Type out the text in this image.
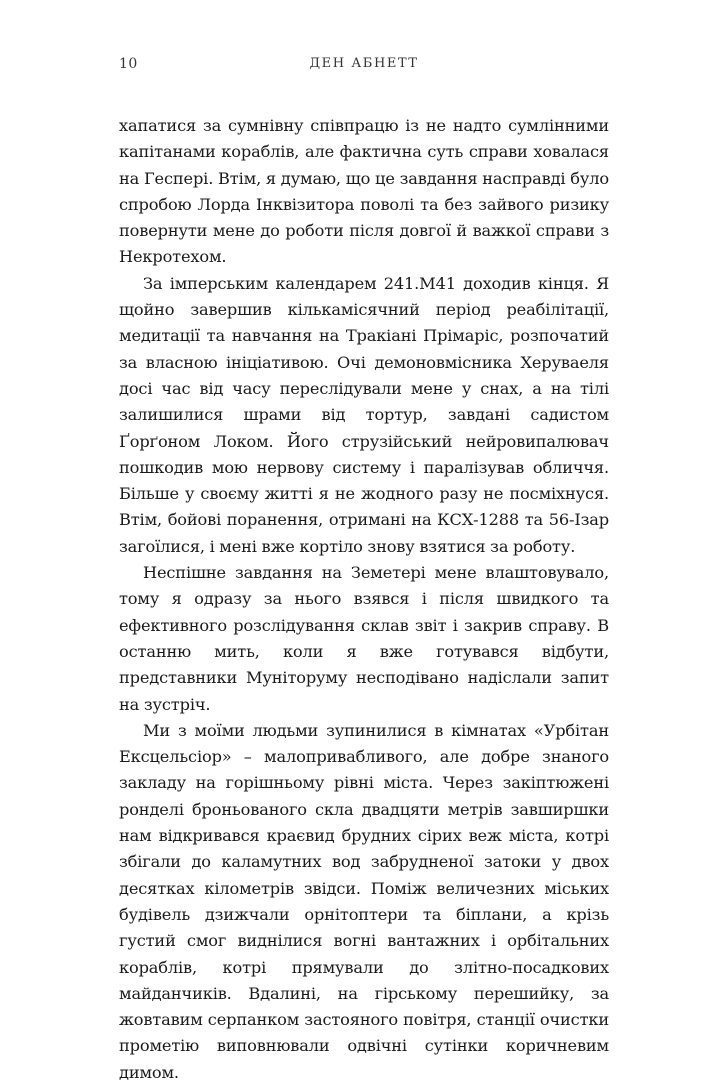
10	ДЕН АБНЕТТ

хапатися за сумнівну співпрацю із не надто сумлінними капітанами кораблів, але фактична суть справи ховалася на Геспері. Втім, я думаю, що це завдання насправді було спробою Лорда Інквізитора поволі та без зайвого ризику повернути мене до роботи після довгої й важкої справи з Некротехом.

За імперським календарем 241.M41 доходив кінця. Я щойно завершив кількамісячний період реабілітації, медитації та навчання на Тракіані Прімаріс, розпочатий за власною ініціативою. Очі демоновмісника Херуваеля досі час від часу переслідували мене у снах, а на тілі залишилися шрами від тортур, завдані садистом Ґорґоном Локом. Його струзійський нейровипалювач пошкодив мою нервову систему і паралізував обличчя. Більше у своєму житті я не жодного разу не посміхнуся. Втім, бойові поранення, отримані на КСХ-1288 та 56-Ізар загоїлися, і мені вже кортіло знову взятися за роботу.

Неспішне завдання на Земетері мене влаштовувало, тому я одразу за нього взявся і після швидкого та ефективного розслідування склав звіт і закрив справу. В останню мить, коли я вже готувався відбути, представники Муніторуму несподівано надіслали запит на зустріч.

Ми з моїми людьми зупинилися в кімнатах «Урбітан Ексцельсіор» – малопривабливого, але добре знаного закладу на горішньому рівні міста. Через закіптюжені ронделі броньованого скла двадцяти метрів завширшки нам відкривався краєвид брудних сірих веж міста, котрі збігали до каламутних вод забрудненої затоки у двох десятках кілометрів звідси. Поміж величезних міських будівель дзижчали орнітоптери та біплани, а крізь густий смог виднілися вогні вантажних і орбітальних кораблів, котрі прямували до злітно-посадкових майданчиків. Вдалині, на гірському перешийку, за жовтавим серпанком застояного повітря, станції очистки прометію виповнювали одвічні сутінки коричневим димом.
